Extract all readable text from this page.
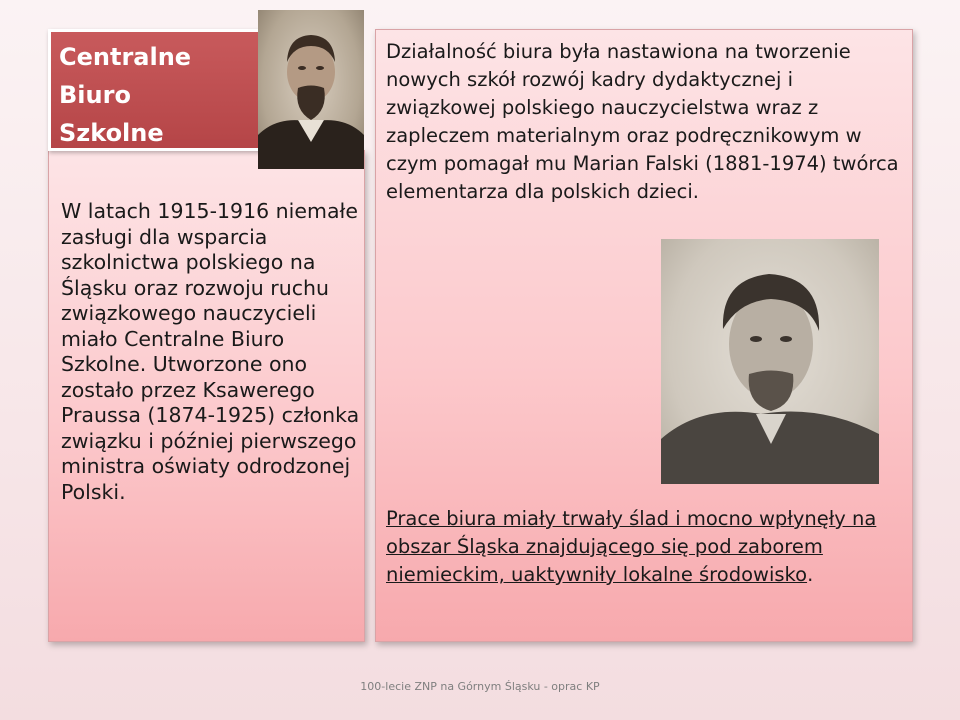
W latach 1915-1916 niemałe zasługi dla wsparcia szkolnictwa polskiego na Śląsku oraz rozwoju ruchu związkowego nauczycieli miało Centralne Biuro Szkolne. Utworzone ono zostało przez Ksawerego Praussa (1874-1925) członka związku i później pierwszego ministra oświaty odrodzonej Polski.
Centralne
Biuro
Szkolne
Działalność biura była nastawiona na tworzenie nowych szkół rozwój kadry dydaktycznej i związkowej polskiego nauczycielstwa wraz z zapleczem materialnym oraz podręcznikowym w czym pomagał mu Marian Falski (1881-1974) twórca elementarza dla polskich dzieci.
Prace biura miały trwały ślad i mocno wpłynęły na obszar Śląska znajdującego się pod zaborem niemieckim, uaktywniły lokalne środowisko.
100-lecie ZNP na Górnym Śląsku - oprac KP
